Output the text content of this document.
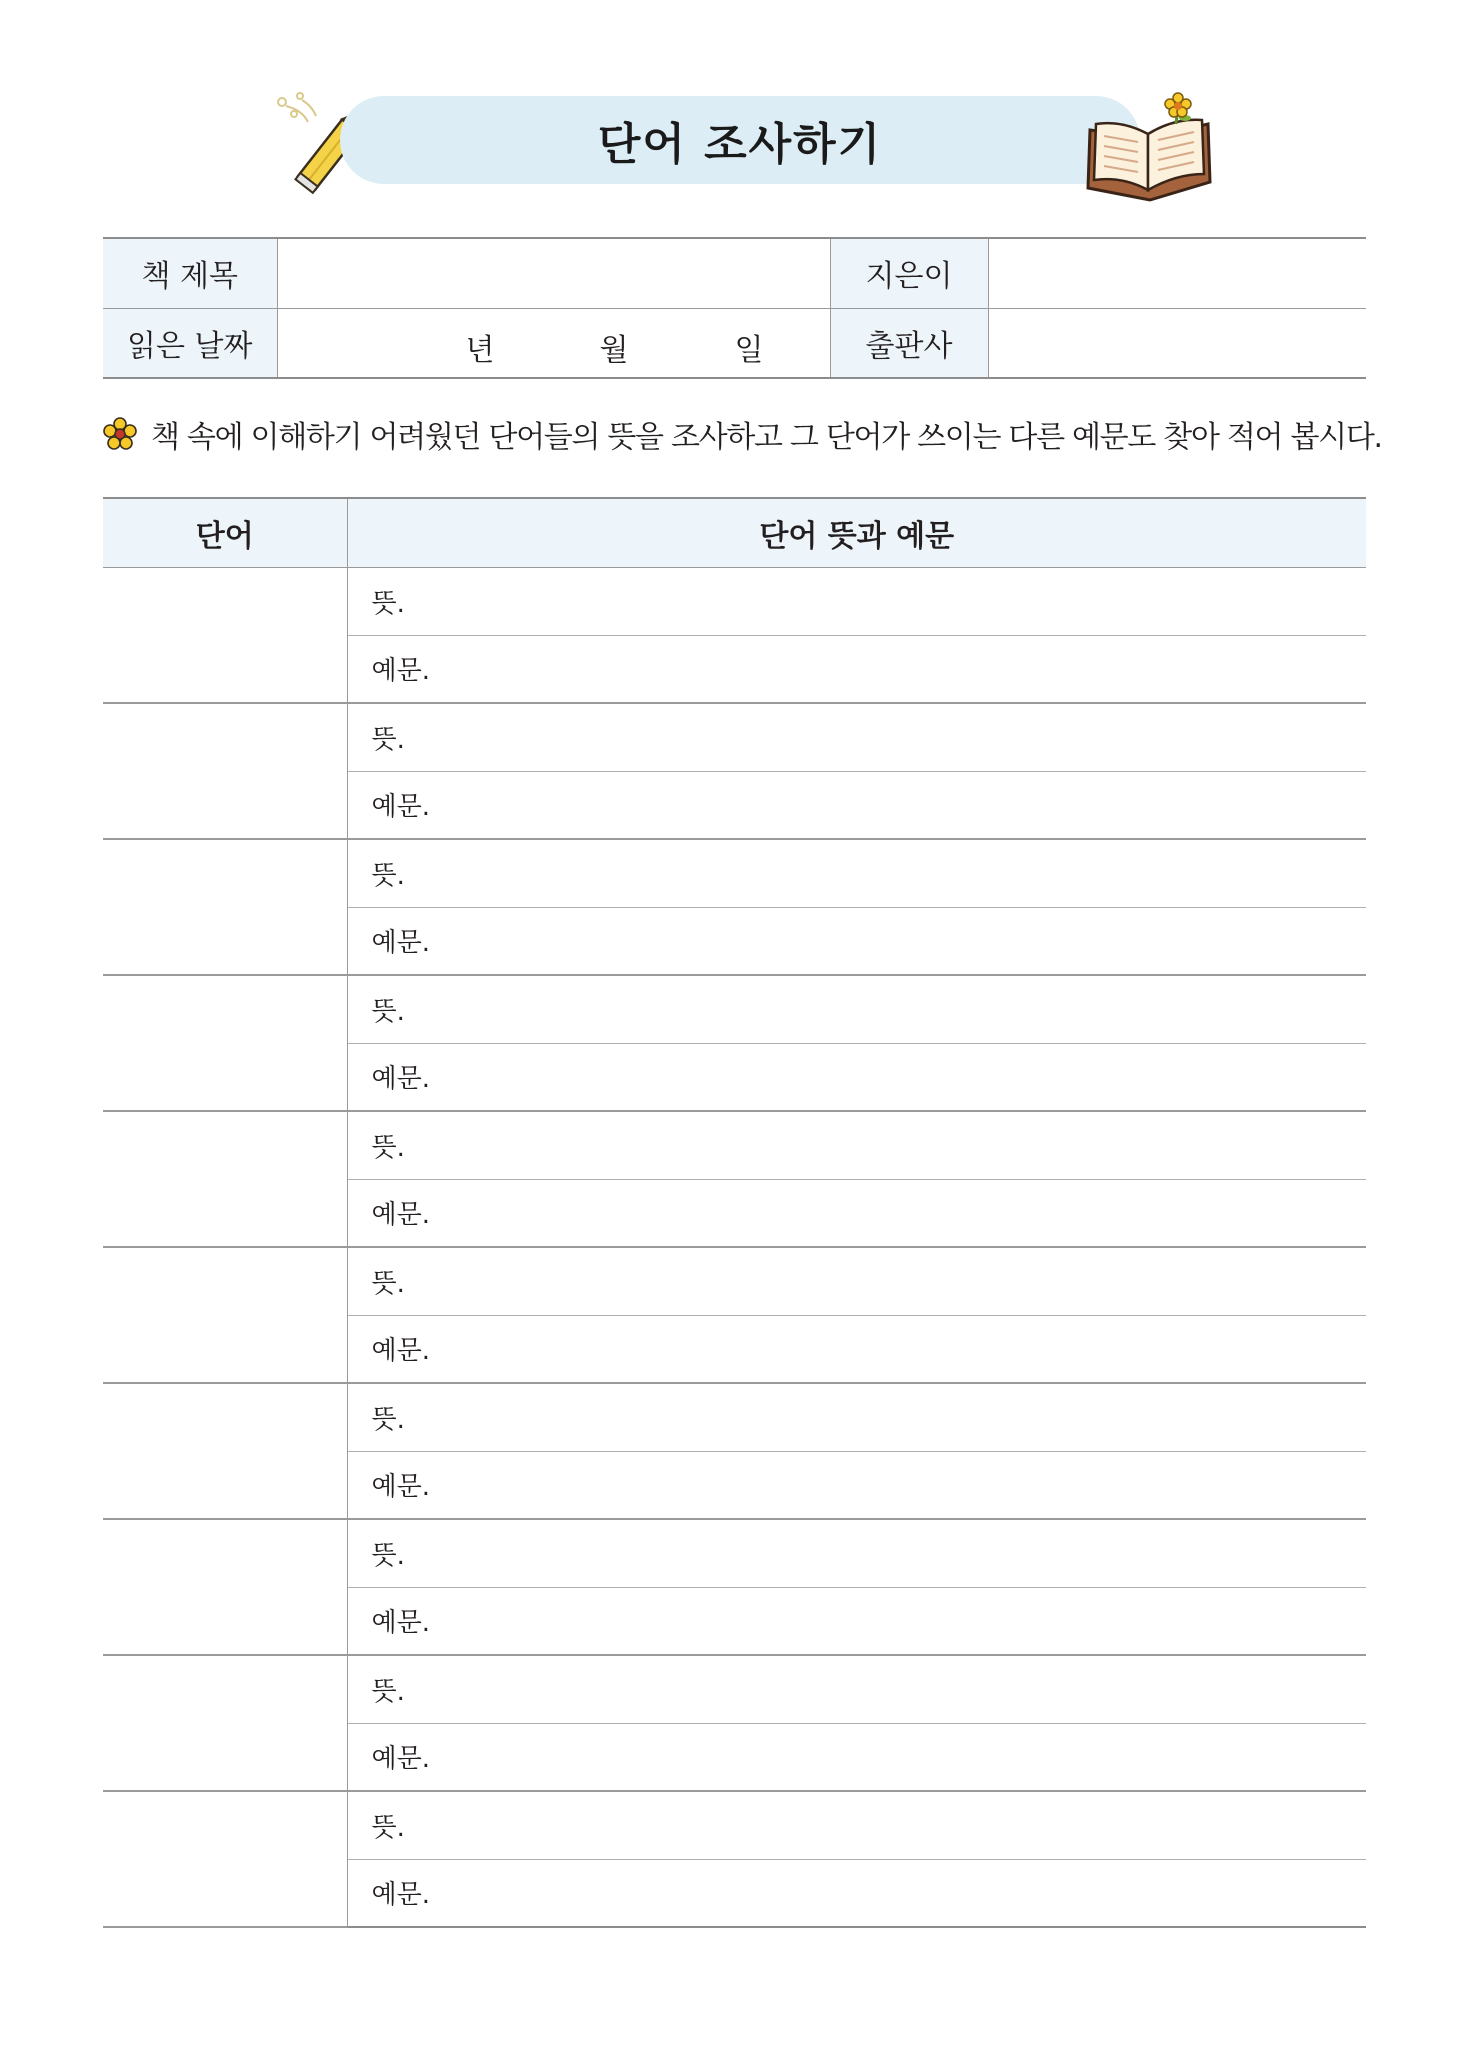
단어 조사하기
책 제목		지은이	
읽은 날짜	년 월 일	출판사	
책 속에 이해하기 어려웠던 단어들의 뜻을 조사하고 그 단어가 쓰이는 다른 예문도 찾아 적어 봅시다.
단어	단어 뜻과 예문
	뜻.
	예문.
	뜻.
	예문.
	뜻.
	예문.
	뜻.
	예문.
	뜻.
	예문.
	뜻.
	예문.
	뜻.
	예문.
	뜻.
	예문.
	뜻.
	예문.
	뜻.
	예문.
